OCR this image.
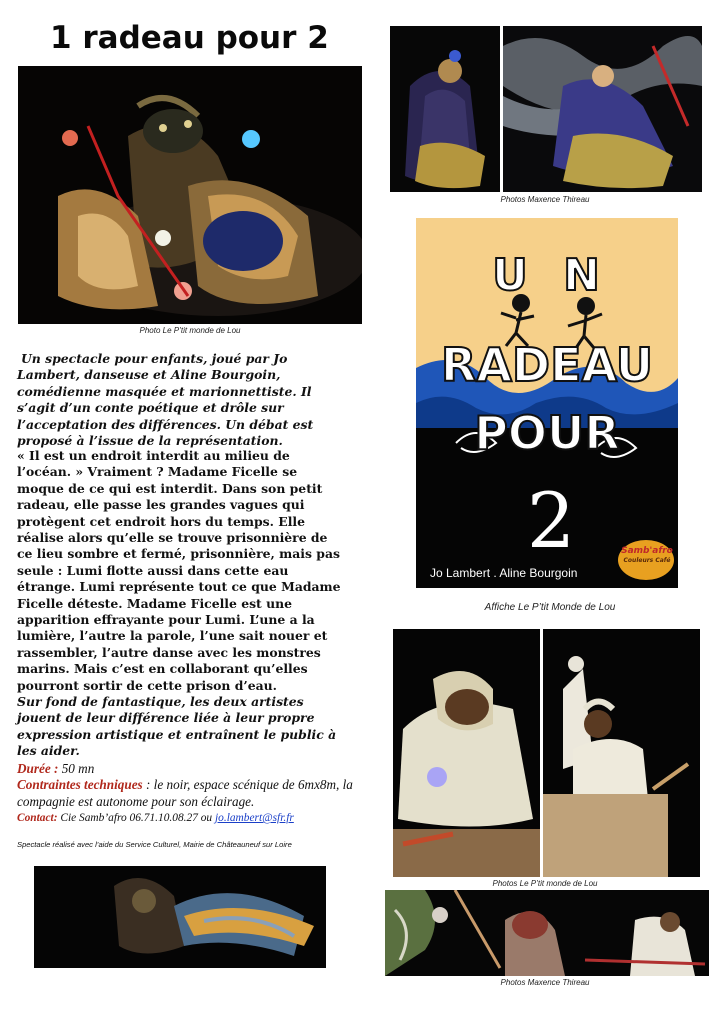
1 radeau pour 2
Photo Le P’tit monde de Lou
Photos Maxence Thireau
U N
RADEAU
POUR
2
Jo Lambert . Aline Bourgoin
Samb'afro
Couleurs Café
Affiche Le P’tit Monde de Lou
Un spectacle pour enfants, joué par Jo Lambert, danseuse et Aline Bourgoin, comédienne masquée et marionnettiste. Il s’agit d’un conte poétique et drôle sur l’acceptation des différences. Un débat est proposé à l’issue de la représentation.
« Il est un endroit interdit au milieu de l’océan. » Vraiment ? Madame Ficelle se moque de ce qui est interdit. Dans son petit radeau, elle passe les grandes vagues qui protègent cet endroit hors du temps. Elle réalise alors qu’elle se trouve prisonnière de ce lieu sombre et fermé, prisonnière, mais pas seule : Lumi flotte aussi dans cette eau étrange. Lumi représente tout ce que Madame Ficelle déteste. Madame Ficelle est une apparition effrayante pour Lumi. L’une a la lumière, l’autre la parole, l’une sait nouer et rassembler, l’autre danse avec les monstres marins. Mais c’est en collaborant qu’elles pourront sortir de cette prison d’eau.
Sur fond de fantastique, les deux artistes jouent de leur différence liée à leur propre expression artistique et entraînent le public à les aider.
Durée : 50 mn
Contraintes techniques : le noir, espace scénique de 6mx8m, la compagnie est autonome pour son éclairage.
Contact: Cie Samb’afro 06.71.10.08.27 ou jo.lambert@sfr.fr
Spectacle réalisé avec l’aide du Service Culturel, Mairie de Châteauneuf sur Loire
Photos Le P’tit monde de Lou
Photos Maxence Thireau
